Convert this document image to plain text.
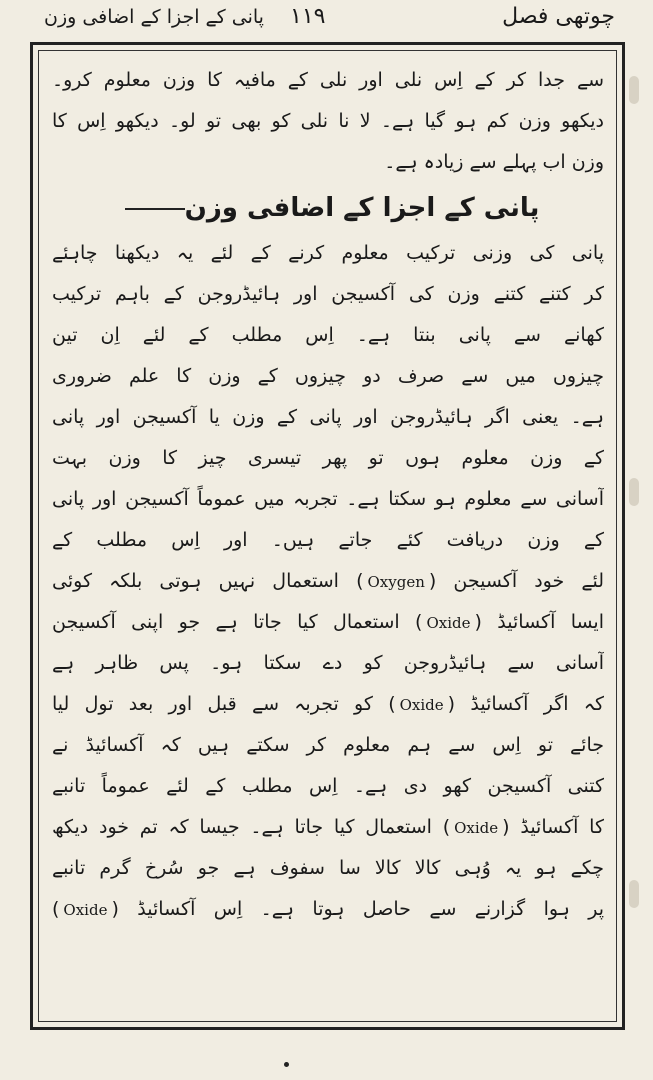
چوتھی فصل
۱۱۹
پانی کے اجزا کے اضافی وزن
سے جدا کر کے اِس نلی اور نلی کے مافیہ کا وزن معلوم کرو۔
دیکھو وزن کم ہو گیا ہے۔ لا نا نلی کو بھی تو لو۔ دیکھو اِس کا
وزن اب پہلے سے زیادہ ہے۔
پانی کے اجزا کے اضافی وزن
پانی کی وزنی ترکیب معلوم کرنے کے لئے یہ دیکھنا چاہئے
کر کتنے کتنے وزن کی آکسیجن اور ہائیڈروجن کے باہم ترکیب
کھانے سے پانی بنتا ہے۔ اِس مطلب کے لئے اِن تین
چیزوں میں سے صرف دو چیزوں کے وزن کا علم ضروری
ہے۔ یعنی اگر ہائیڈروجن اور پانی کے وزن یا آکسیجن اور پانی
کے وزن معلوم ہوں تو پھر تیسری چیز کا وزن بہت
آسانی سے معلوم ہو سکتا ہے۔ تجربہ میں عموماً آکسیجن اور پانی
کے وزن دریافت کئے جاتے ہیں۔ اور اِس مطلب کے
لئے خود آکسیجن (Oxygen) استعمال نہیں ہوتی بلکہ کوئی
ایسا آکسائیڈ (Oxide) استعمال کیا جاتا ہے جو اپنی آکسیجن
آسانی سے ہائیڈروجن کو دے سکتا ہو۔ پس ظاہر ہے
کہ اگر آکسائیڈ (Oxide) کو تجربہ سے قبل اور بعد تول لیا
جائے تو اِس سے ہم معلوم کر سکتے ہیں کہ آکسائیڈ نے
کتنی آکسیجن کھو دی ہے۔ اِس مطلب کے لئے عموماً تانبے
کا آکسائیڈ (Oxide) استعمال کیا جاتا ہے۔ جیسا کہ تم خود دیکھ
چکے ہو یہ وُہی کالا کالا سا سفوف ہے جو سُرخ گرم تانبے
پر ہوا گزارنے سے حاصل ہوتا ہے۔ اِس آکسائیڈ (Oxide)
